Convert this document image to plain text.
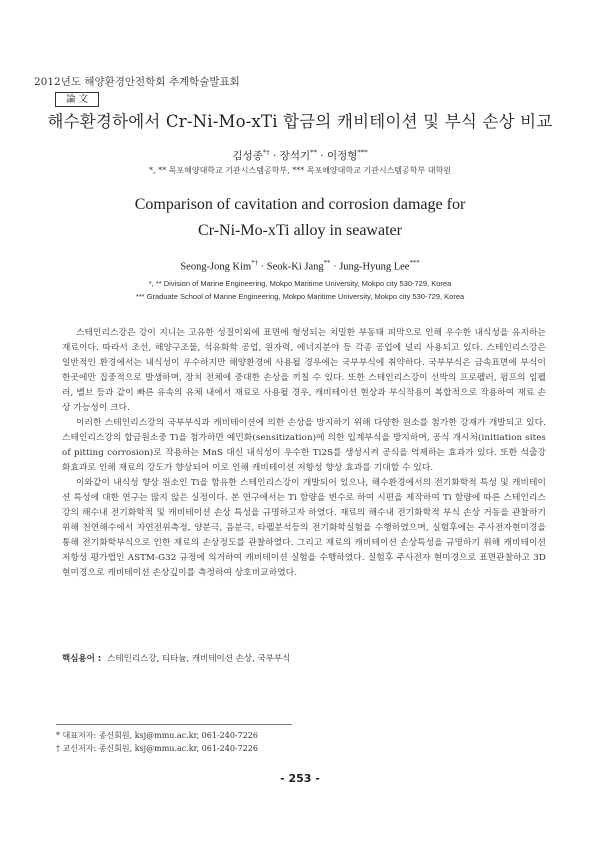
2012년도 해양환경안전학회 추계학술발표회
論 文
해수환경하에서 Cr-Ni-Mo-xTi 합금의 캐비테이션 및 부식 손상 비교
김성종*† · 장석기** · 이정형***
*, ** 목포해양대학교 기관시스템공학부, *** 목포해양대학교 기관시스템공학부 대학원
Comparison of cavitation and corrosion damage for
Cr-Ni-Mo-xTi alloy in seawater
Seong-Jong Kim*† · Seok-Ki Jang** · Jung-Hyung Lee***
*, ** Division of Marine Engineering, Mokpo Maritime University, Mokpo city 530-729, Korea
*** Graduate School of Marine Engineering, Mokpo Maritime University, Mokpo city 530-729, Korea

스테인리스강은 강이 지니는 고유한 성질이외에 표면에 형성되는 치밀한 부동태 피막으로 인해 우수한 내식성을 유지하는 재료이다. 따라서 조선, 해양구조물, 석유화학 공업, 원자력, 에너지분야 등 각종 공업에 널리 사용되고 있다. 스테인리스강은 일반적인 환경에서는 내식성이 우수하지만 해양환경에 사용될 경우에는 국부부식에 취약하다. 국부부식은 금속표면에 부식이 한곳에만 집중적으로 발생하며, 장치 전체에 중대한 손상을 끼칠 수 있다. 또한 스테인리스강이 선박의 프로펠러, 펌프의 임펠러, 밸브 등과 같이 빠른 유속의 유체 내에서 재료로 사용될 경우, 캐비테이션 현상과 부식작용이 복합적으로 작용하여 재료 손상 가능성이 크다.

이러한 스테인리스강의 국부부식과 캐비테이션에 의한 손상을 방지하기 위해 다양한 원소를 첨가한 강재가 개발되고 있다. 스테인리스강의 합금원소중 Ti을 첨가하면 예민화(sensitization)에 의한 입계부식을 방지하며, 공식 개시처(initiation sites of pitting corrosion)로 작용하는 MnS 대신 내식성이 우수한 Ti2S를 생성시켜 공식을 억제하는 효과가 있다. 또한 석출강화효과로 인해 재료의 강도가 향상되어 이로 인해 캐비테이션 저항성 향상 효과를 기대할 수 있다.

이와같이 내식성 향상 원소인 Ti을 함유한 스테인리스강이 개발되어 있으나, 해수환경에서의 전기화학적 특성 및 캐비테이션 특성에 대한 연구는 많지 않은 실정이다. 본 연구에서는 Ti 함량을 변수로 하여 시편을 제작하여 Ti 함량에 따른 스테인리스강의 해수내 전기화학적 및 캐비테이션 손상 특성을 규명하고자 하였다. 재료의 해수내 전기화학적 부식 손상 거동을 관찰하기 위해 천연해수에서 자연전위측정, 양분극, 음분극, 타펠분석등의 전기화학실험을 수행하였으며, 실험후에는 주사전자현미경을 통해 전기화학부식으로 인한 재료의 손상정도를 관찰하였다. 그리고 재료의 캐비테이션 손상특성을 규명하기 위해 캐비테이션 저항성 평가법인 ASTM-G32 규정에 의거하여 캐비테이션 실험을 수행하였다. 실험후 주사전자 현미경으로 표면관찰하고 3D현미경으로 캐비테이션 손상깊이를 측정하여 상호비교하였다.

핵심용어 : 스테인리스강, 티타늄, 캐비테이션 손상, 국부부식
* 대표저자: 종신회원, ksj@mmu.ac.kr, 061-240-7226
† 교신저자: 종신회원, ksj@mmu.ac.kr, 061-240-7226
- 253 -
